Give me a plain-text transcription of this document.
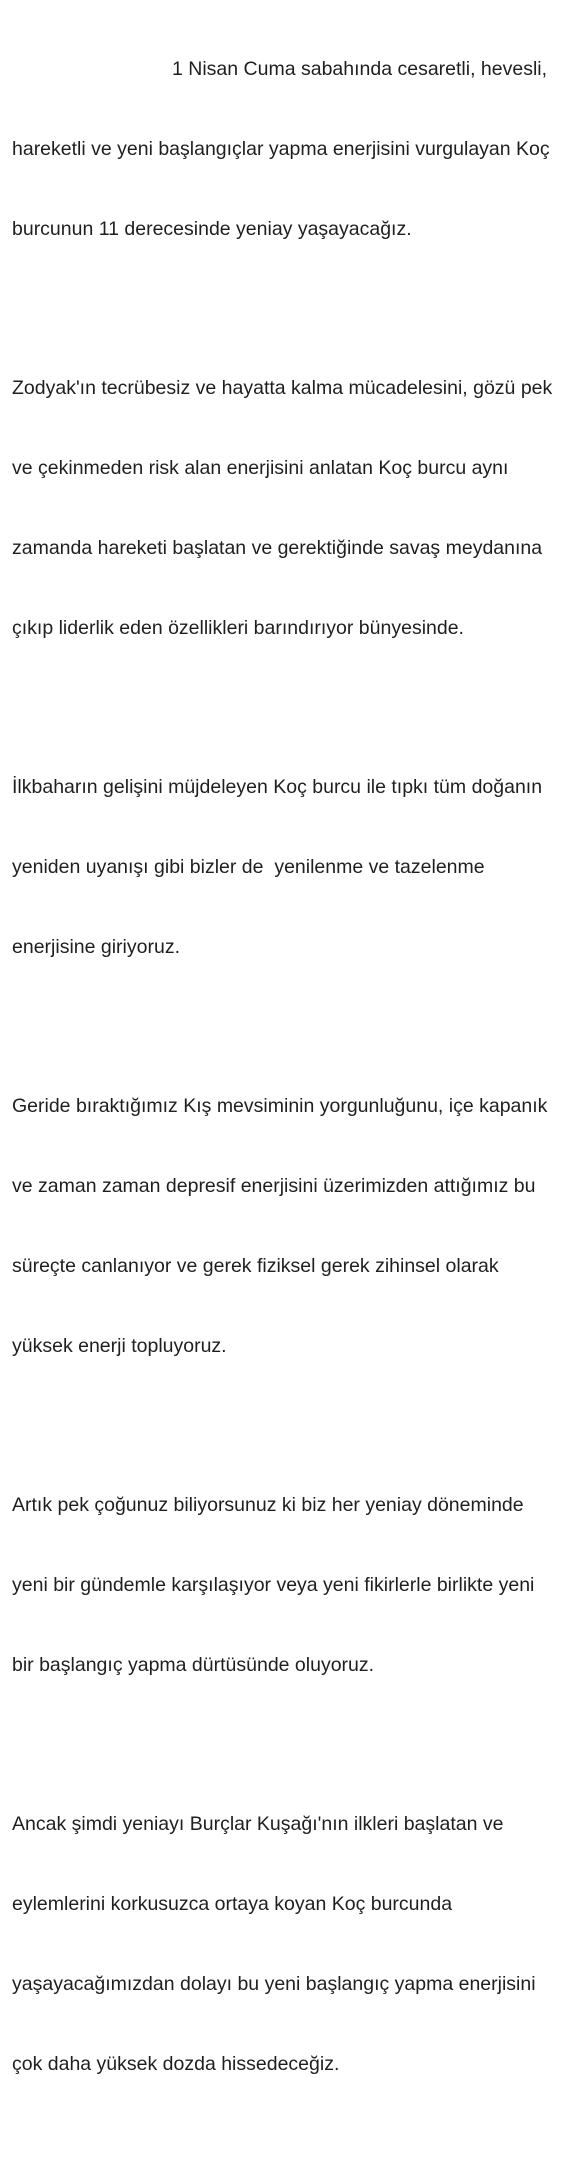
1 Nisan Cuma sabahında cesaretli, hevesli,

hareketli ve yeni başlangıçlar yapma enerjisini vurgulayan Koç

burcunun 11 derecesinde yeniay yaşayacağız.

Zodyak'ın tecrübesiz ve hayatta kalma mücadelesini, gözü pek

ve çekinmeden risk alan enerjisini anlatan Koç burcu aynı

zamanda hareketi başlatan ve gerektiğinde savaş meydanına

çıkıp liderlik eden özellikleri barındırıyor bünyesinde.

İlkbaharın gelişini müjdeleyen Koç burcu ile tıpkı tüm doğanın

yeniden uyanışı gibi bizler de  yenilenme ve tazelenme

enerjisine giriyoruz.

Geride bıraktığımız Kış mevsiminin yorgunluğunu, içe kapanık

ve zaman zaman depresif enerjisini üzerimizden attığımız bu

süreçte canlanıyor ve gerek fiziksel gerek zihinsel olarak

yüksek enerji topluyoruz.

Artık pek çoğunuz biliyorsunuz ki biz her yeniay döneminde

yeni bir gündemle karşılaşıyor veya yeni fikirlerle birlikte yeni

bir başlangıç yapma dürtüsünde oluyoruz.

Ancak şimdi yeniayı Burçlar Kuşağı'nın ilkleri başlatan ve

eylemlerini korkusuzca ortaya koyan Koç burcunda

yaşayacağımızdan dolayı bu yeni başlangıç yapma enerjisini

çok daha yüksek dozda hissedeceğiz.
